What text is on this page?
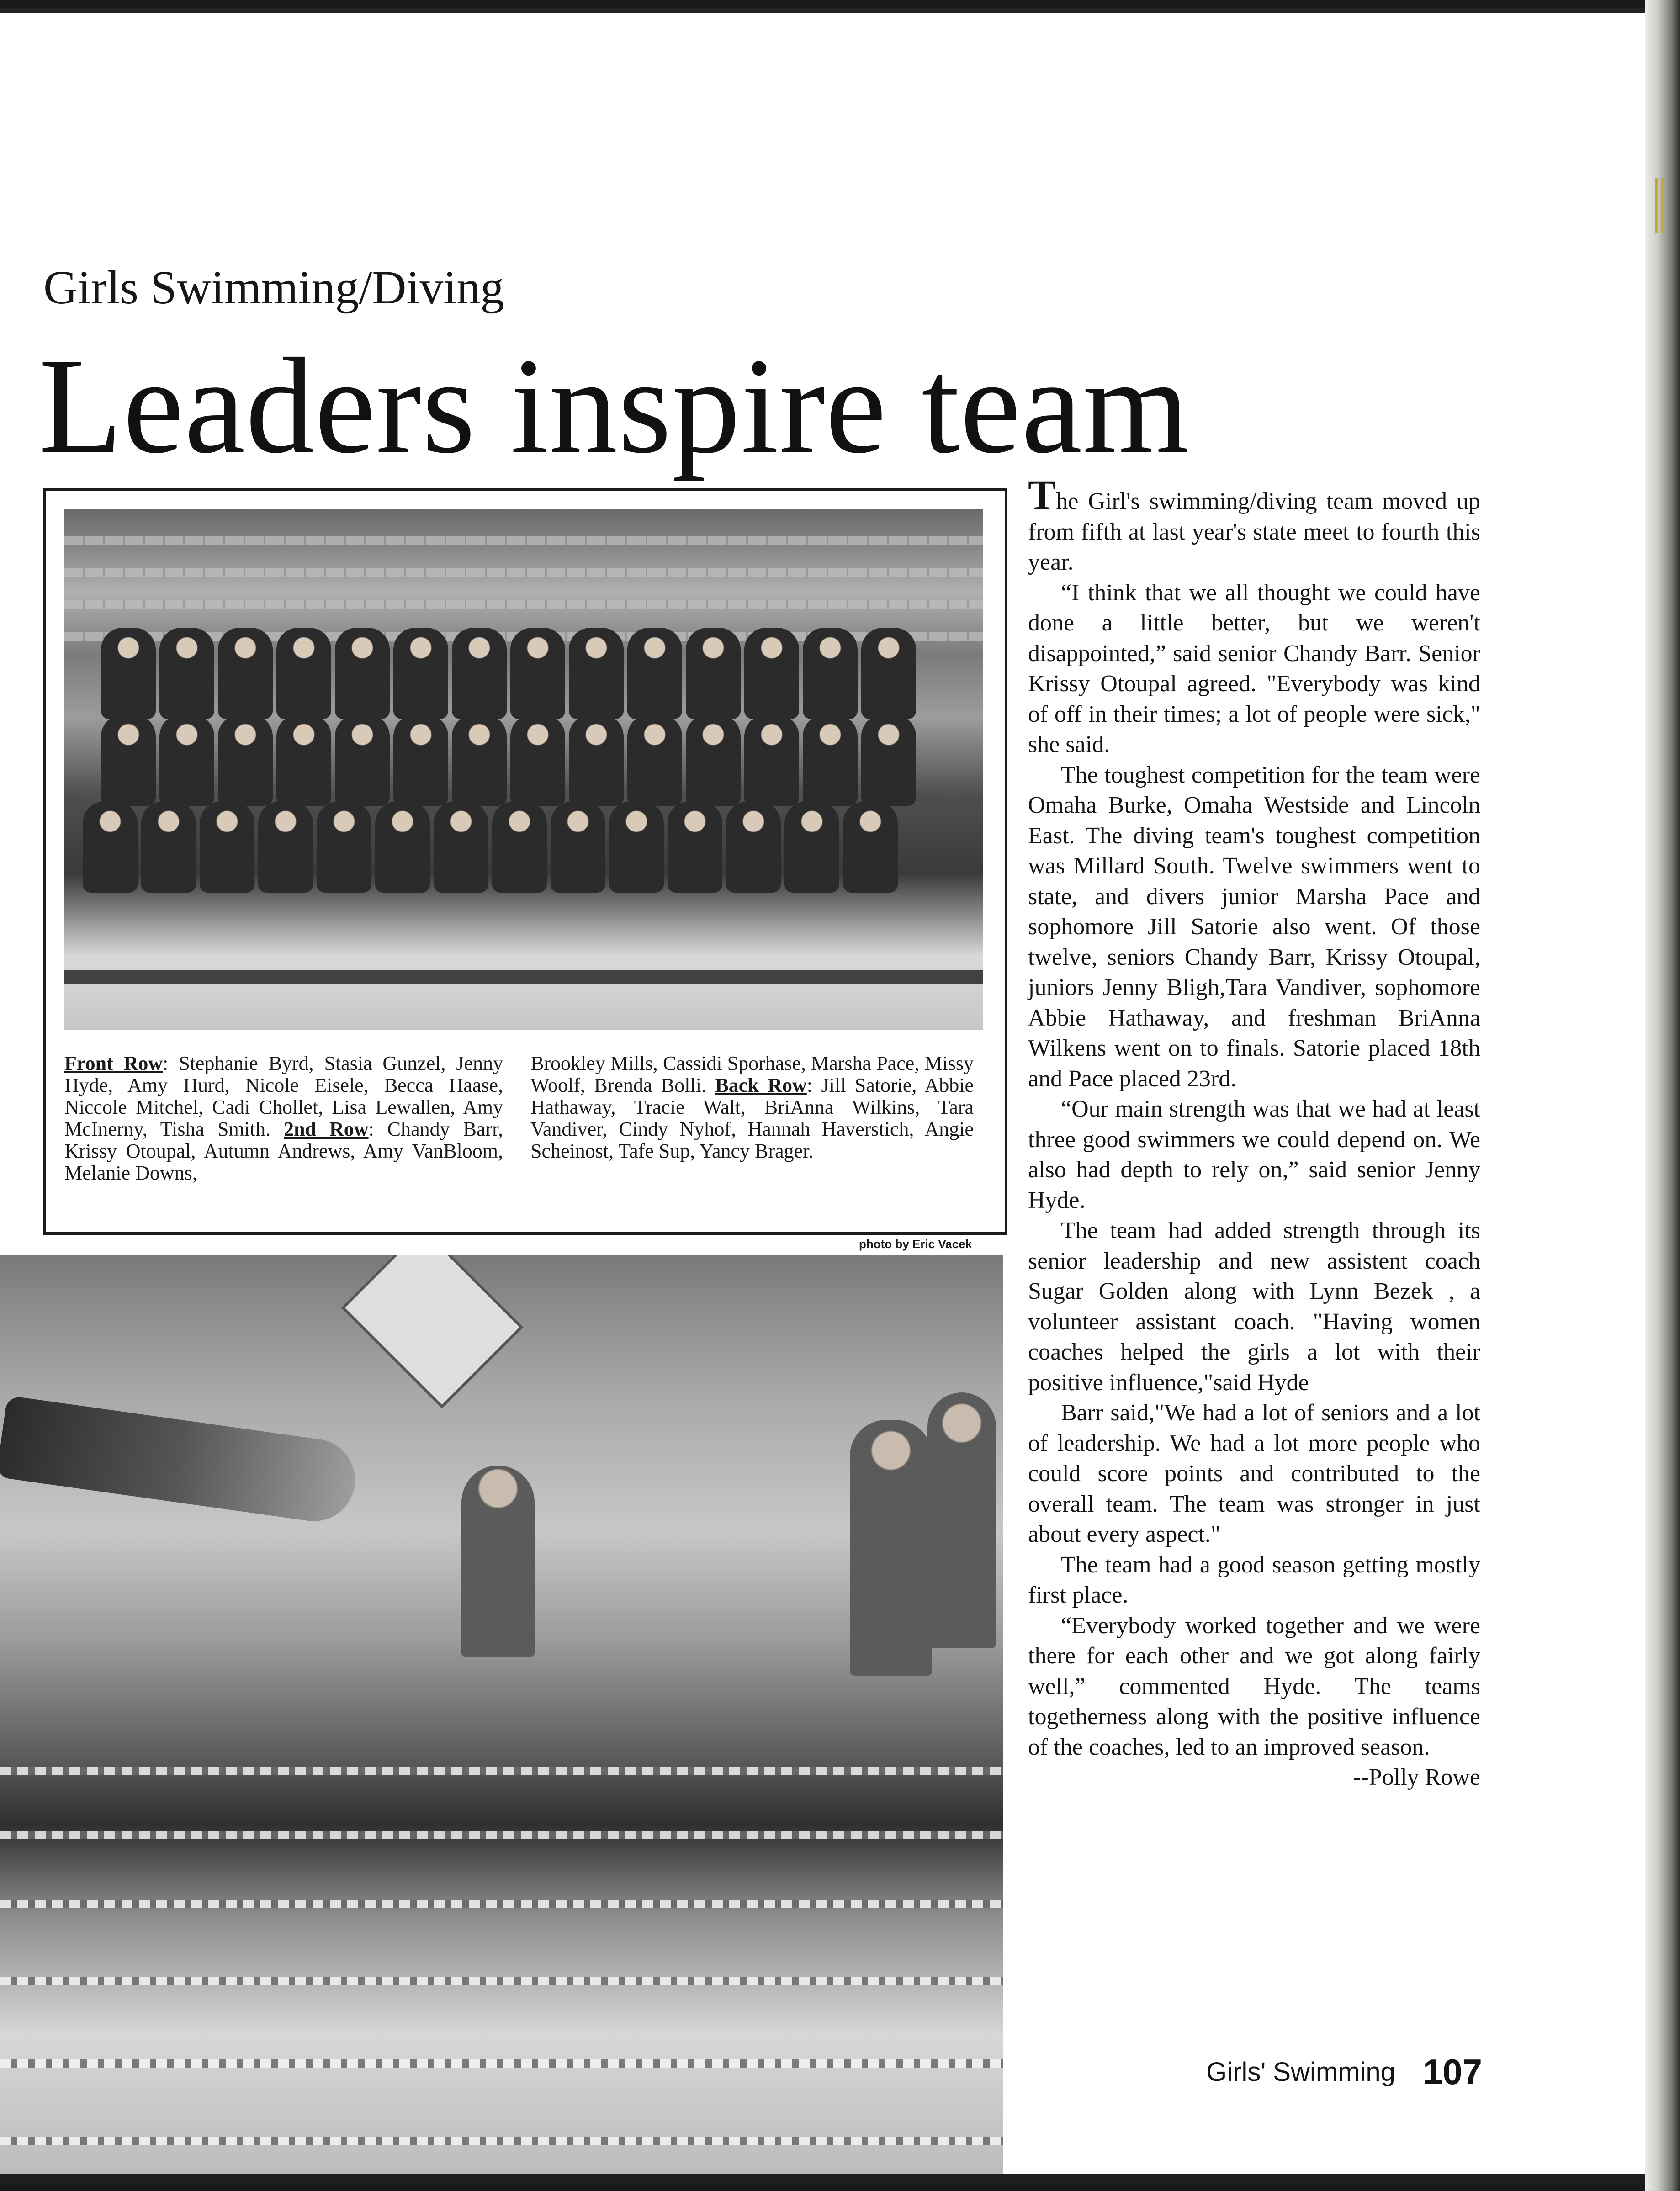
Girls Swimming/Diving
Leaders inspire team
Front Row: Stephanie Byrd, Stasia Gunzel, Jenny Hyde, Amy Hurd, Nicole Eisele, Becca Haase, Niccole Mitchel, Cadi Chollet, Lisa Lewallen, Amy McInerny, Tisha Smith. 2nd Row: Chandy Barr, Krissy Otoupal, Autumn Andrews, Amy VanBloom, Melanie Downs,
Brookley Mills, Cassidi Sporhase, Marsha Pace, Missy Woolf, Brenda Bolli. Back Row: Jill Satorie, Abbie Hathaway, Tracie Walt, BriAnna Wilkins, Tara Vandiver, Cindy Nyhof, Hannah Haverstich, Angie Scheinost, Tafe Sup, Yancy Brager.
photo by Eric Vacek

The Girl's swimming/diving team moved up from fifth at last year's state meet to fourth this year.

“I think that we all thought we could have done a little better, but we weren't disappointed,” said senior Chandy Barr. Senior Krissy Otoupal agreed. "Everybody was kind of off in their times; a lot of people were sick," she said.

The toughest competition for the team were Omaha Burke, Omaha Westside and Lincoln East. The diving team's toughest competition was Millard South. Twelve swimmers went to state, and divers junior Marsha Pace and sophomore Jill Satorie also went. Of those twelve, seniors Chandy Barr, Krissy Otoupal, juniors Jenny Bligh,Tara Vandiver, sophomore Abbie Hathaway, and freshman BriAnna Wilkens went on to finals. Satorie placed 18th and Pace placed 23rd.

“Our main strength was that we had at least three good swimmers we could depend on. We also had depth to rely on,” said senior Jenny Hyde.

The team had added strength through its senior leadership and new assistent coach Sugar Golden along with Lynn Bezek , a volunteer assistant coach. "Having women coaches helped the girls a lot with their positive influence,"said Hyde

Barr said,"We had a lot of seniors and a lot of leadership. We had a lot more people who could score points and contributed to the overall team. The team was stronger in just about every aspect."

The team had a good season getting mostly first place.

“Everybody worked together and we were there for each other and we got along fairly well,” commented Hyde. The teams togetherness along with the positive influence of the coaches, led to an improved season.

--Polly Rowe

Girls' Swimming 107
